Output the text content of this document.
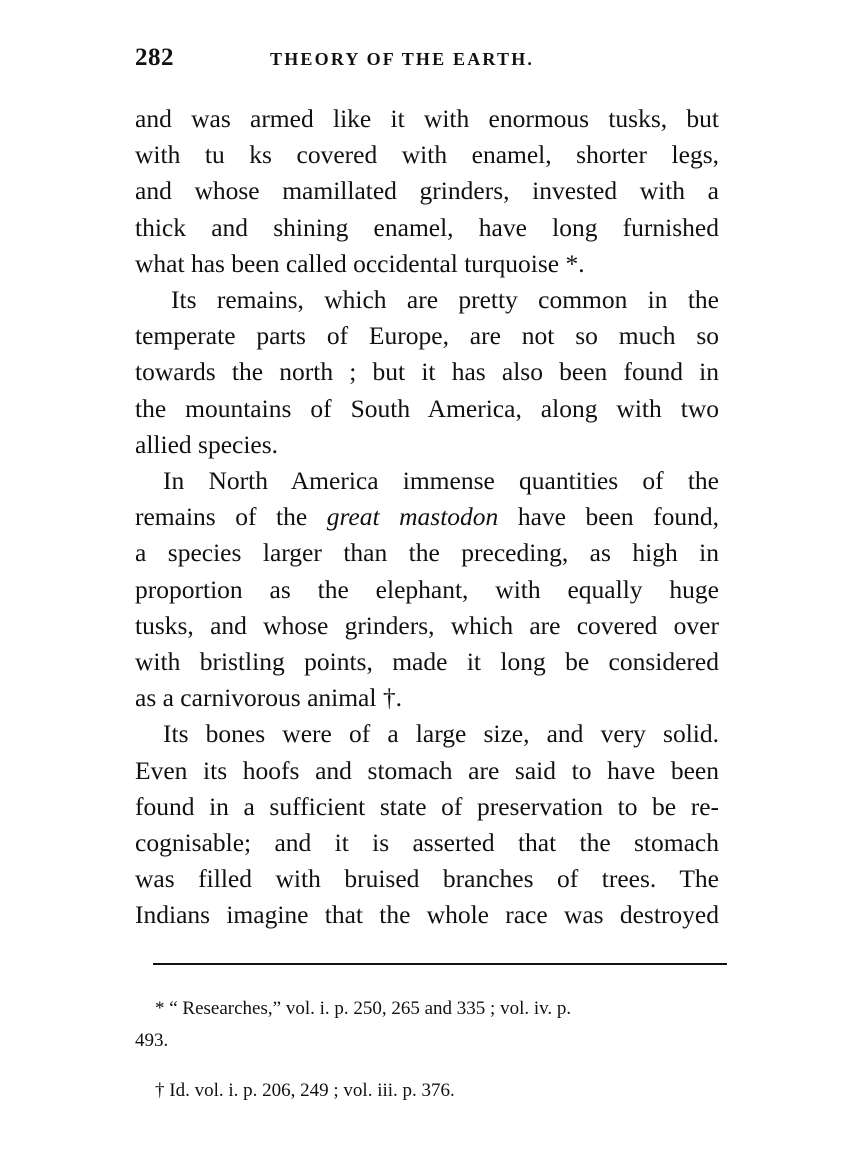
282	THEORY OF THE EARTH.

and was armed like it with enormous tusks, but
with tu ks covered with enamel, shorter legs,
and whose mamillated grinders, invested with a
thick and shining enamel, have long furnished
what has been called occidental turquoise *.

Its remains, which are pretty common in the
temperate parts of Europe, are not so much so
towards the north ; but it has also been found in
the mountains of South America, along with two
allied species.

In North America immense quantities of the
remains of the great mastodon have been found,
a species larger than the preceding, as high in
proportion as the elephant, with equally huge
tusks, and whose grinders, which are covered over
with bristling points, made it long be considered
as a carnivorous animal †.

Its bones were of a large size, and very solid.
Even its hoofs and stomach are said to have been
found in a sufficient state of preservation to be re-
cognisable; and it is asserted that the stomach
was filled with bruised branches of trees. The
Indians imagine that the whole race was destroyed

* “ Researches,” vol. i. p. 250, 265 and 335 ; vol. iv. p.
493.

† Id. vol. i. p. 206, 249 ; vol. iii. p. 376.
